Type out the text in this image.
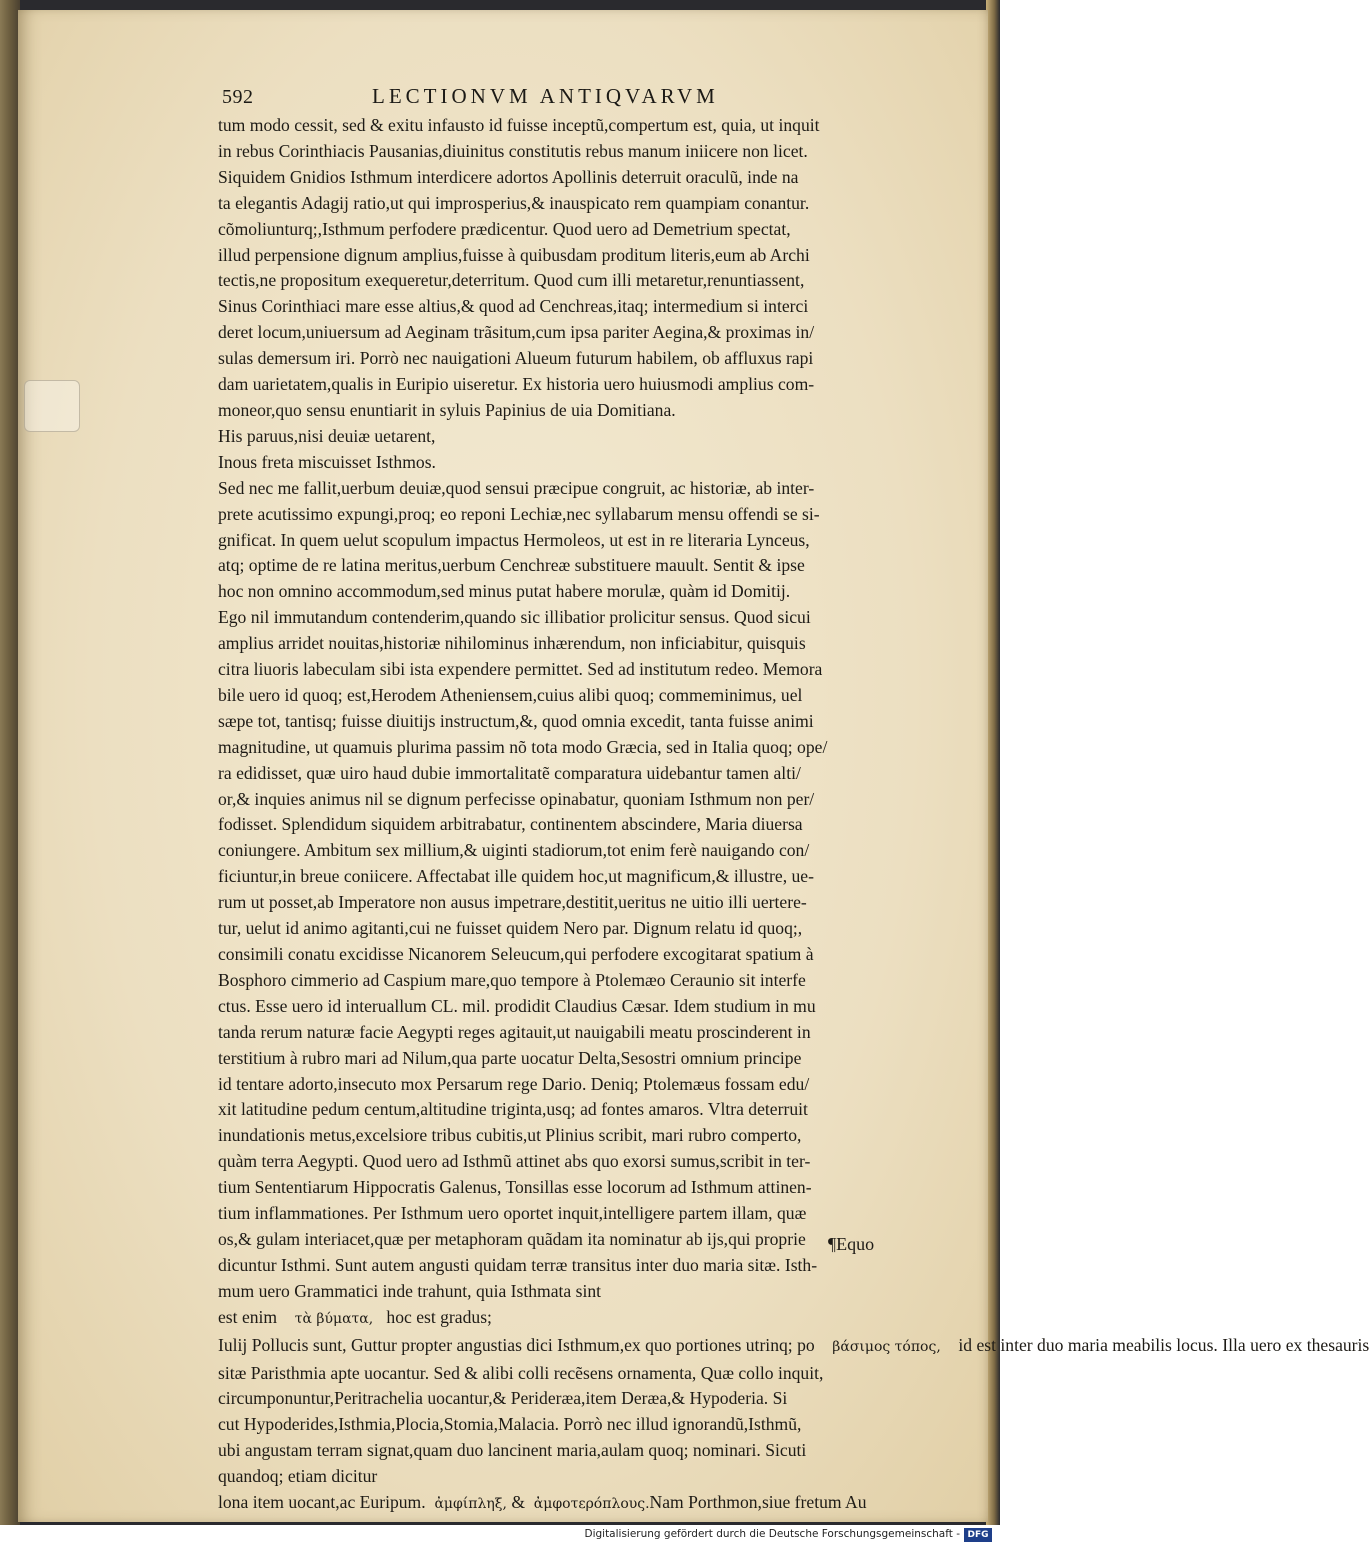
592	LECTIONVM ANTIQVARVM
tum modo cessit, sed & exitu infausto id fuisse inceptũ,compertum est, quia, ut inquit
in rebus Corinthiacis Pausanias,diuinitus constitutis rebus manum iniicere non licet.
Siquidem Gnidios Isthmum interdicere adortos Apollinis deterruit oraculũ, inde na
ta elegantis Adagij ratio,ut qui improsperius,& inauspicato rem quampiam conantur.
cõmoliunturq;,Isthmum perfodere prædicentur. Quod uero ad Demetrium spectat,
illud perpensione dignum amplius,fuisse à quibusdam proditum literis,eum ab Archi
tectis,ne propositum exequeretur,deterritum. Quod cum illi metaretur,renuntiassent,
Sinus Corinthiaci mare esse altius,& quod ad Cenchreas,itaq; intermedium si interci
deret locum,uniuersum ad Aeginam trãsitum,cum ipsa pariter Aegina,& proximas in/
sulas demersum iri. Porrò nec nauigationi Alueum futurum habilem, ob affluxus rapi
dam uarietatem,qualis in Euripio uiseretur. Ex historia uero huiusmodi amplius com-
moneor,quo sensu enuntiarit in syluis Papinius de uia Domitiana.
His paruus,nisi deuiæ uetarent,
Inous freta miscuisset Isthmos.
Sed nec me fallit,uerbum deuiæ,quod sensui præcipue congruit, ac historiæ, ab inter-
prete acutissimo expungi,proq; eo reponi Lechiæ,nec syllabarum mensu offendi se si-
gnificat. In quem uelut scopulum impactus Hermoleos, ut est in re literaria Lynceus,
atq; optime de re latina meritus,uerbum Cenchreæ substituere mauult. Sentit & ipse
hoc non omnino accommodum,sed minus putat habere morulæ, quàm id Domitij.
Ego nil immutandum contenderim,quando sic illibatior prolicitur sensus. Quod sicui
amplius arridet nouitas,historiæ nihilominus inhærendum, non inficiabitur, quisquis
citra liuoris labeculam sibi ista expendere permittet. Sed ad institutum redeo. Memora
bile uero id quoq; est,Herodem Atheniensem,cuius alibi quoq; commeminimus, uel
sæpe tot, tantisq; fuisse diuitijs instructum,&, quod omnia excedit, tanta fuisse animi
magnitudine, ut quamuis plurima passim nõ tota modo Græcia, sed in Italia quoq; ope/
ra edidisset, quæ uiro haud dubie immortalitatẽ comparatura uidebantur tamen alti/
or,& inquies animus nil se dignum perfecisse opinabatur, quoniam Isthmum non per/
fodisset. Splendidum siquidem arbitrabatur, continentem abscindere, Maria diuersa
coniungere. Ambitum sex millium,& uiginti stadiorum,tot enim ferè nauigando con/
ficiuntur,in breue coniicere. Affectabat ille quidem hoc,ut magnificum,& illustre, ue-
rum ut posset,ab Imperatore non ausus impetrare,destitit,ueritus ne uitio illi uertere-
tur, uelut id animo agitanti,cui ne fuisset quidem Nero par. Dignum relatu id quoq;,
consimili conatu excidisse Nicanorem Seleucum,qui perfodere excogitarat spatium à
Bosphoro cimmerio ad Caspium mare,quo tempore à Ptolemæo Ceraunio sit interfe
ctus. Esse uero id interuallum CL. mil. prodidit Claudius Cæsar. Idem studium in mu
tanda rerum naturæ facie Aegypti reges agitauit,ut nauigabili meatu proscinderent in
terstitium à rubro mari ad Nilum,qua parte uocatur Delta,Sesostri omnium principe
id tentare adorto,insecuto mox Persarum rege Dario. Deniq; Ptolemæus fossam edu/
xit latitudine pedum centum,altitudine triginta,usq; ad fontes amaros. Vltra deterruit
inundationis metus,excelsiore tribus cubitis,ut Plinius scribit, mari rubro comperto,
quàm terra Aegypti. Quod uero ad Isthmũ attinet abs quo exorsi sumus,scribit in ter-
tium Sententiarum Hippocratis Galenus, Tonsillas esse locorum ad Isthmum attinen-
tium inflammationes. Per Isthmum uero oportet inquit,intelligere partem illam, quæ
os,& gulam interiacet,quæ per metaphoram quãdam ita nominatur ab ijs,qui proprie
dicuntur Isthmi. Sunt autem angusti quidam terræ transitus inter duo maria sitæ. Isth-
mum uero Grammatici inde trahunt, quia Isthmata sint
est enim τὰ βύματα, hoc est gradus;
Iulij Pollucis sunt, Guttur propter angustias dici Isthmum,ex quo portiones utrinq; po βάσιμος τόπος, id est inter duo maria meabilis locus. Illa uero ex thesauris
sitæ Paristhmia apte uocantur. Sed & alibi colli recẽsens ornamenta, Quæ collo inquit,
circumponuntur,Peritrachelia uocantur,& Perideræa,item Deræa,& Hypoderia. Si
cut Hypoderides,Isthmia,Plocia,Stomia,Malacia. Porrò nec illud ignorandũ,Isthmũ,
ubi angustam terram signat,quam duo lancinent maria,aulam quoq; nominari. Sicuti
quandoq; etiam dicitur
lona item uocant,ac Euripum. ἀμφίπληξ, & ἀμφοτερόπλους.Nam Porthmon,siue fretum Au
¶Equo
Digitalisierung gefördert durch die Deutsche Forschungsgemeinschaft - DFG
